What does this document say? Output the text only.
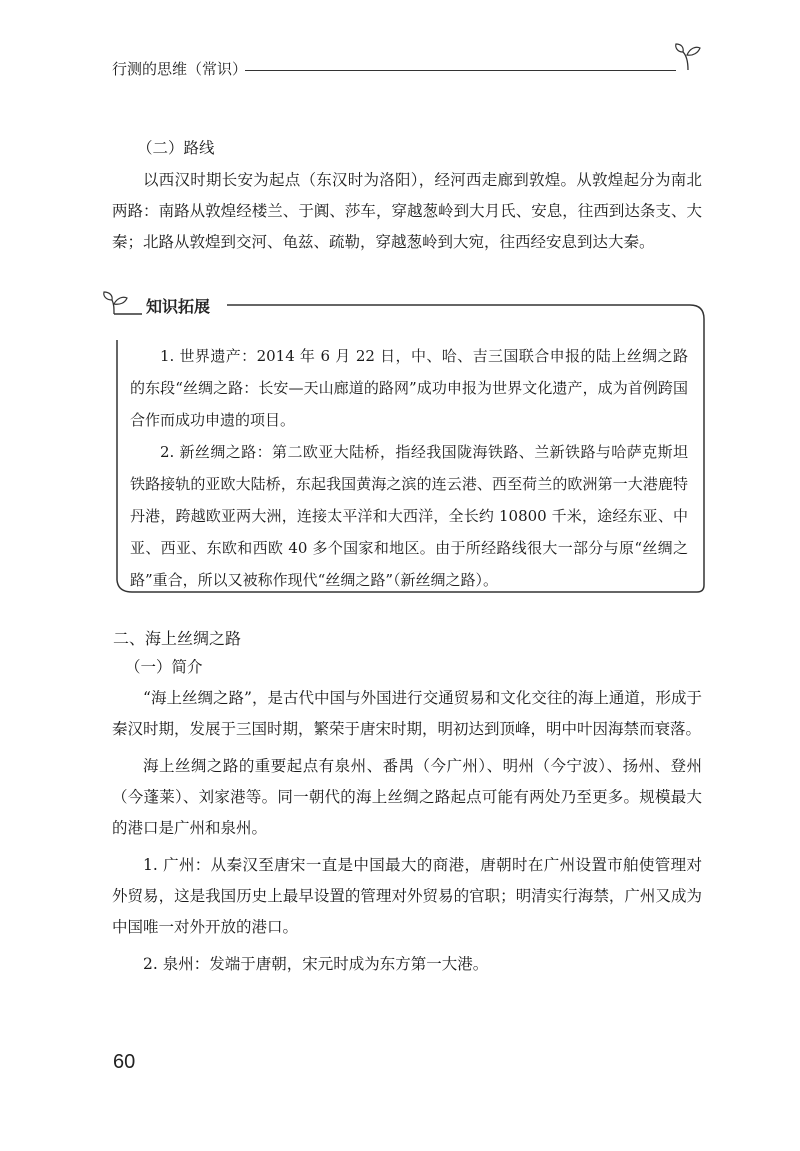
行测的思维（常识）
（二）路线
以西汉时期长安为起点（东汉时为洛阳），经河西走廊到敦煌。从敦煌起分为南北两路：南路从敦煌经楼兰、于阗、莎车，穿越葱岭到大月氏、安息，往西到达条支、大秦；北路从敦煌到交河、龟兹、疏勒，穿越葱岭到大宛，往西经安息到达大秦。
知识拓展

1. 世界遗产：2014 年 6 月 22 日，中、哈、吉三国联合申报的陆上丝绸之路的东段“丝绸之路：长安—天山廊道的路网”成功申报为世界文化遗产，成为首例跨国合作而成功申遗的项目。

2. 新丝绸之路：第二欧亚大陆桥，指经我国陇海铁路、兰新铁路与哈萨克斯坦铁路接轨的亚欧大陆桥，东起我国黄海之滨的连云港、西至荷兰的欧洲第一大港鹿特丹港，跨越欧亚两大洲，连接太平洋和大西洋，全长约 10800 千米，途经东亚、中亚、西亚、东欧和西欧 40 多个国家和地区。由于所经路线很大一部分与原“丝绸之路”重合，所以又被称作现代“丝绸之路”（新丝绸之路）。

二、海上丝绸之路
（一）简介

“海上丝绸之路”，是古代中国与外国进行交通贸易和文化交往的海上通道，形成于秦汉时期，发展于三国时期，繁荣于唐宋时期，明初达到顶峰，明中叶因海禁而衰落。

海上丝绸之路的重要起点有泉州、番禺（今广州）、明州（今宁波）、扬州、登州（今蓬莱）、刘家港等。同一朝代的海上丝绸之路起点可能有两处乃至更多。规模最大的港口是广州和泉州。

1. 广州：从秦汉至唐宋一直是中国最大的商港，唐朝时在广州设置市舶使管理对外贸易，这是我国历史上最早设置的管理对外贸易的官职；明清实行海禁，广州又成为中国唯一对外开放的港口。

2. 泉州：发端于唐朝，宋元时成为东方第一大港。

60
